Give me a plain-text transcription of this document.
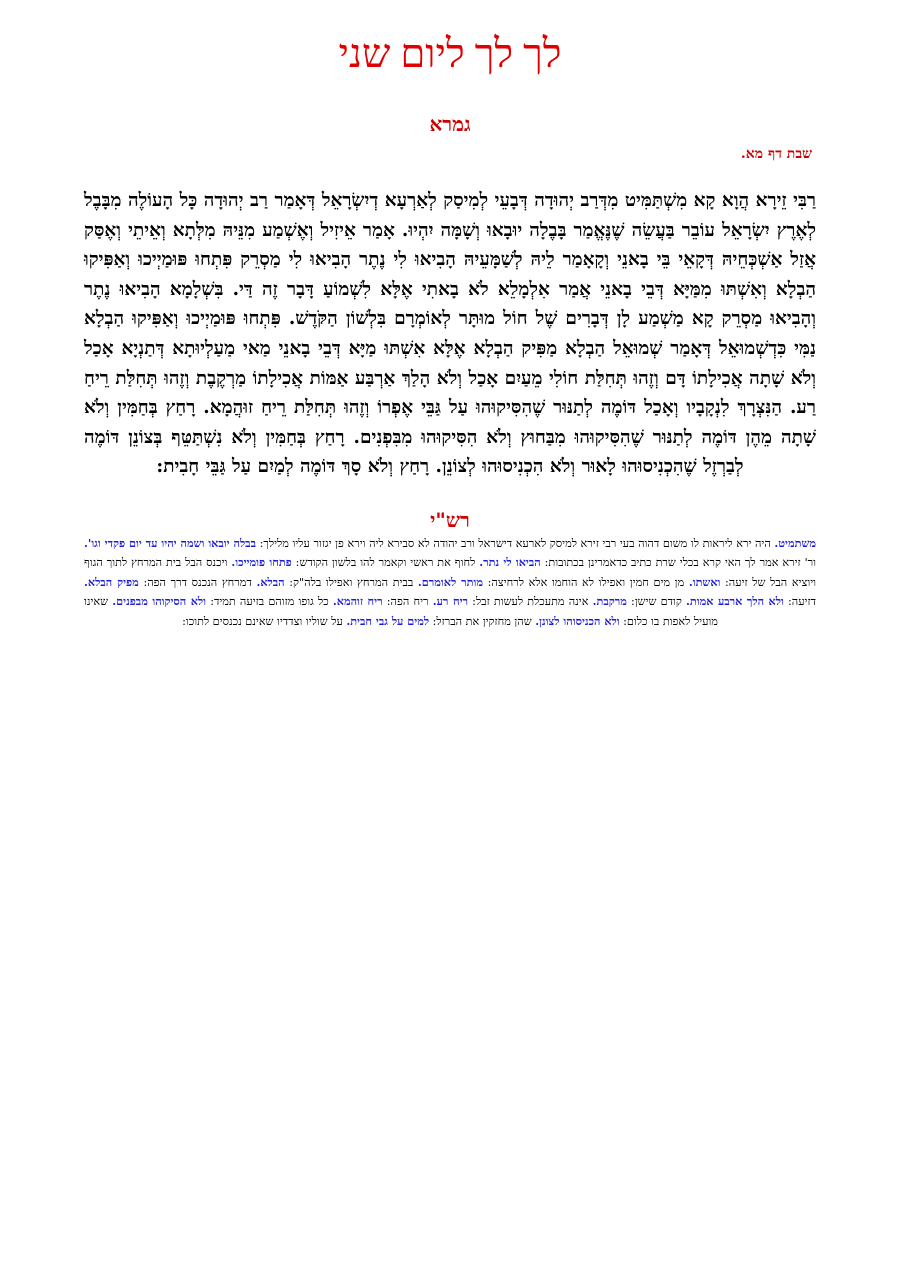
לך לך ליום שני
גמרא
שבת דף מא.

רַבִּי זֵירָא הֲוָא קָא מִשְׁתַּמִּיט מִדְּרַב יְהוּדָה דְּבָעֵי לְמִיסַק לְאַרְעָא דְיִשְׂרָאֵל דְּאָמַר רַב יְהוּדָה כָּל הָעוֹלֶה מִבָּבֶל לְאֶרֶץ יִשְׂרָאֵל עוֹבֵר בַּעֲשֵׂה שֶׁנֶּאֱמַר בָּבֶלָה יוּבָאוּ וְשָׁמָּה יִהְיוּ. אָמַר אֵיזִיל וְאֶשְׁמַע מִנֵּיהּ מִלְּתָא וְאֵיתֵי וְאֶסַּק אֲזַל אַשְׁכְּחֵיהּ דְּקָאֵי בֵּי בָאנֵי וְקָאָמַר לֵיהּ לְשַׁמָּעֵיהּ הָבִיאוּ לִי נֶתֶר הָבִיאוּ לִי מַסְרֵק פִּתְחוּ פּוּמַיְיכוּ וְאַפִּיקוּ הַבְלָא וְאִשְׁתּוּ מִמַּיָּא דְּבֵי בָאנֵי אֲמַר אִלְמָלֵא לֹא בָאתִי אֶלָּא לִשְׁמוֹעַ דָּבָר זֶה דַּי. בִּשְׁלָמָא הָבִיאוּ נֶתֶר וְהָבִיאוּ מַסְרֵק קָא מַשְׁמַע לָן דְּבָרִים שֶׁל חוֹל מוּתָּר לְאוֹמְרָם בִּלְשׁוֹן הַקֹּדֶשׁ. פִּתְחוּ פּוּמַיְיכוּ וְאַפִּיקוּ הַבְלָא נַמִּי כִּדְשְׁמוּאֵל דְּאָמַר שְׁמוּאֵל הַבְלָא מַפִּיק הַבְלָא אֶלָּא אִשְׁתּוּ מַיָּא דְּבֵי בָאנֵי מַאי מַעַלְיוּתָא דְּתַנְיָא אָכַל וְלֹא שָׁתָה אֲכִילָתוֹ דָּם וְזֶהוּ תְּחִלַּת חוֹלִי מֵעַיִם אָכַל וְלֹא הָלַךְ אַרְבַּע אַמּוֹת אֲכִילָתוֹ מַרְקֶבֶת וְזֶהוּ תְּחִלַּת רֵיחַ רַע. הַנִּצְרָךְ לִנְקָבָיו וְאָכַל דּוֹמֶה לְתַנּוּר שֶׁהִסִּיקוּהוּ עַל גַּבֵּי אֶפְרוֹ וְזֶהוּ תְּחִלַּת רֵיחַ זוּהֲמָא. רָחַץ בְּחַמִּין וְלֹא שָׁתָה מֵהֶן דּוֹמֶה לְתַנּוּר שֶׁהִסִּיקוּהוּ מִבַּחוּץ וְלֹא הִסִּיקוּהוּ מִבִּפְנִים. רָחַץ בְּחַמִּין וְלֹא נִשְׁתַּטֵּף בְּצוֹנֵן דּוֹמֶה לְבַרְזֶל שֶׁהִכְנִיסוּהוּ לָאוּר וְלֹא הִכְנִיסוּהוּ לְצוֹנֵן. רָחַץ וְלֹא סָךְ דּוֹמֶה לְמַיִם עַל גַּבֵּי חָבִית:

רש"י

משתמיט. היה ירא ליראות לו משום דהוה בעי רבי זירא למיסק לארעא דישראל ורב יהודה לא סבירא ליה וירא פן יגזור עליו מלילך: בבלה יובאו ושמה יהיו עד יום פקדי וגו'. ור' זירא אמר לך האי קרא בכלי שרת כתיב כדאמרינן בכתובות: הביאו לי נתר. לחוף את ראשי וקאמר להו בלשון הקודש: פתחו פומייכו. ויכנס הבל בית המרחץ לתוך הגוף ויוציא הבל של זיעה: ואשתו. מן מים חמין ואפילו לא הוחמו אלא לרחיצה: מותר לאומרם. בבית המרחץ ואפילו בלה"ק: הבלא. דמרחץ הנכנס דרך הפה: מפיק הבלא. דזיעה: ולא הלך ארבע אמות. קודם שישן: מרקבת. אינה מתעכלת לעשות זבל: ריח רע. ריח הפה: ריח זוהמא. כל גופו מזוהם בזיעה תמיד: ולא הסיקוהו מבפנים. שאינו מועיל לאפות בו כלום: ולא הכניסוהו לצונן. שהן מחזקין את הברזל: למים על גבי חבית. על שוליו וצדדיו שאינם נכנסים לתוכו:
